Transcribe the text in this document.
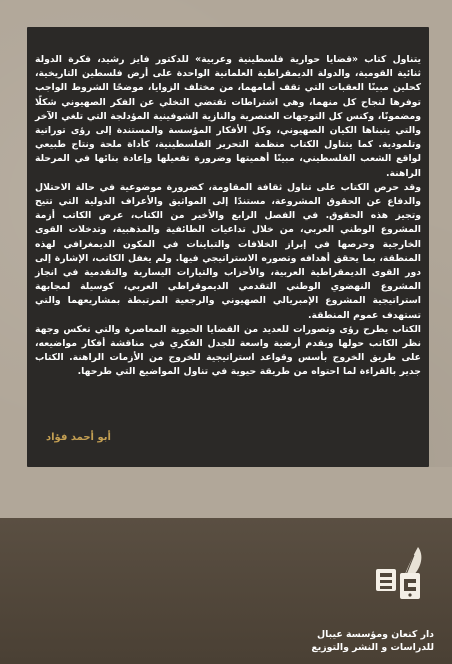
يتناول كتاب «قضايا حوارية فلسطينية وعربية» للدكتور فايز رشيد، فكرة الدولة ثنائية القومية، والدولة الديمقراطية العلمانية الواحدة على أرض فلسطين التاريخية، كحلين مبينًا العقبات التي تقف أمامهما، من مختلف الزوايا، موضحًا الشروط الواجب توفرها لنجاح كل منهما، وهي اشتراطات تقتضي التخلي عن الفكر الصهيوني شكلًا ومضمونًا، وكنس كل التوجهات العنصرية والنازية الشوفينية المؤدلجة التي تلغي الآخر والتي يتبناها الكيان الصهيوني، وكل الأفكار المؤسسة والمستندة إلى رؤى توراتية وتلمودية. كما يتناول الكتاب منظمة التحرير الفلسطينية، كأداة ملحة ونتاج طبيعي لواقع الشعب الفلسطيني، مبينًا أهميتها وضرورة تفعيلها وإعادة بنائها في المرحلة الراهنة.

وقد حرص الكتاب على تناول ثقافة المقاومة، كضرورة موضوعية في حالة الاحتلال والدفاع عن الحقوق المشروعة، مستندًا إلى المواثيق والأعراف الدولية التي تتيح وتجيز هذه الحقوق. في الفصل الرابع والأخير من الكتاب، عرض الكاتب أزمة المشروع الوطني العربي، من خلال تداعيات الطائفية والمذهبية، وتدخلات القوى الخارجية وحرصها في إبراز الخلافات والتباينات في المكون الديمغرافي لهذه المنطقة، بما يحقق أهدافه وتصوره الاستراتيجي فيها. ولم يغفل الكاتب، الإشارة إلى دور القوى الديمقراطية العربية، والأحزاب والتيارات اليسارية والتقدمية في انجاز المشروع النهضوي الوطني التقدمي الديموقراطي العربي، كوسيلة لمجابهة استراتيجية المشروع الإمبريالي الصهيوني والرجعية المرتبطة بمشاريعهما والتي تستهدف عموم المنطقة.

الكتاب يطرح رؤى وتصورات للعديد من القضايا الحيوية المعاصرة والتي تعكس وجهة نظر الكاتب حولها ويقدم أرضية واسعة للجدل الفكري في مناقشة أفكار مواضيعه، على طريق الخروج بأسس وقواعد استراتيجية للخروج من الأزمات الراهنة. الكتاب جدير بالقراءة لما احتواه من طريقة حيوية في تناول المواضيع التي طرحها.

أبو أحمد فؤاد
دار كنعان ومؤسسة عيبال
للدراسات و النشر والتوزيع
